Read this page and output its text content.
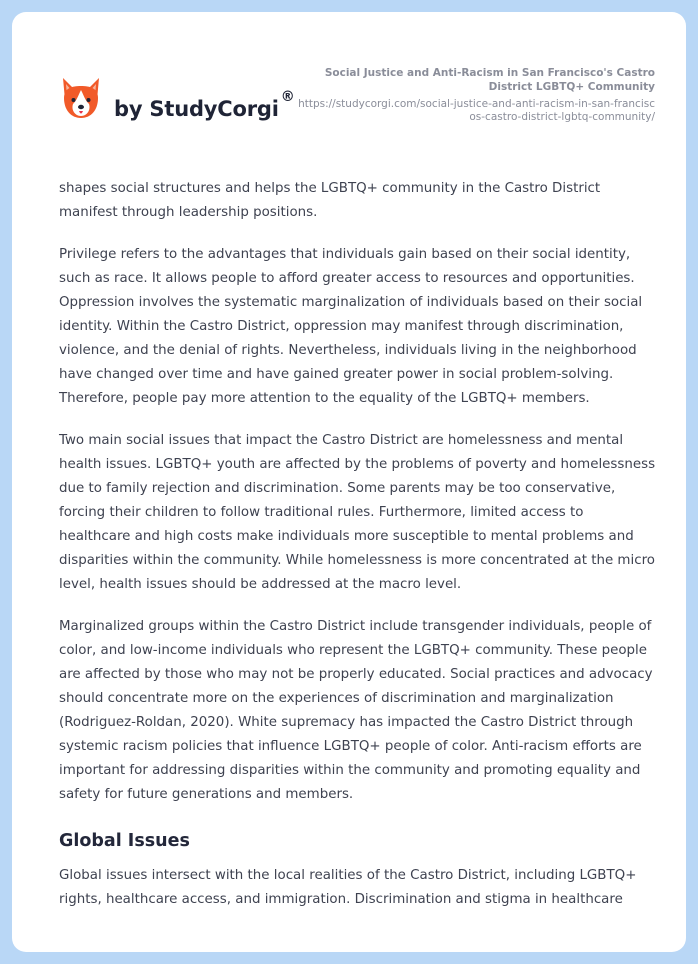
by StudyCorgi ®
Social Justice and Anti-Racism in San Francisco's Castro District LGBTQ+ Community
https://studycorgi.com/social-justice-and-anti-racism-in-san-franciscos-castro-district-lgbtq-community/

shapes social structures and helps the LGBTQ+ community in the Castro District manifest through leadership positions.

Privilege refers to the advantages that individuals gain based on their social identity, such as race. It allows people to afford greater access to resources and opportunities. Oppression involves the systematic marginalization of individuals based on their social identity. Within the Castro District, oppression may manifest through discrimination, violence, and the denial of rights. Nevertheless, individuals living in the neighborhood have changed over time and have gained greater power in social problem-solving. Therefore, people pay more attention to the equality of the LGBTQ+ members.

Two main social issues that impact the Castro District are homelessness and mental health issues. LGBTQ+ youth are affected by the problems of poverty and homelessness due to family rejection and discrimination. Some parents may be too conservative, forcing their children to follow traditional rules. Furthermore, limited access to healthcare and high costs make individuals more susceptible to mental problems and disparities within the community. While homelessness is more concentrated at the micro level, health issues should be addressed at the macro level.

Marginalized groups within the Castro District include transgender individuals, people of color, and low-income individuals who represent the LGBTQ+ community. These people are affected by those who may not be properly educated. Social practices and advocacy should concentrate more on the experiences of discrimination and marginalization (Rodriguez-Roldan, 2020). White supremacy has impacted the Castro District through systemic racism policies that influence LGBTQ+ people of color. Anti-racism efforts are important for addressing disparities within the community and promoting equality and safety for future generations and members.

Global Issues

Global issues intersect with the local realities of the Castro District, including LGBTQ+ rights, healthcare access, and immigration. Discrimination and stigma in healthcare
